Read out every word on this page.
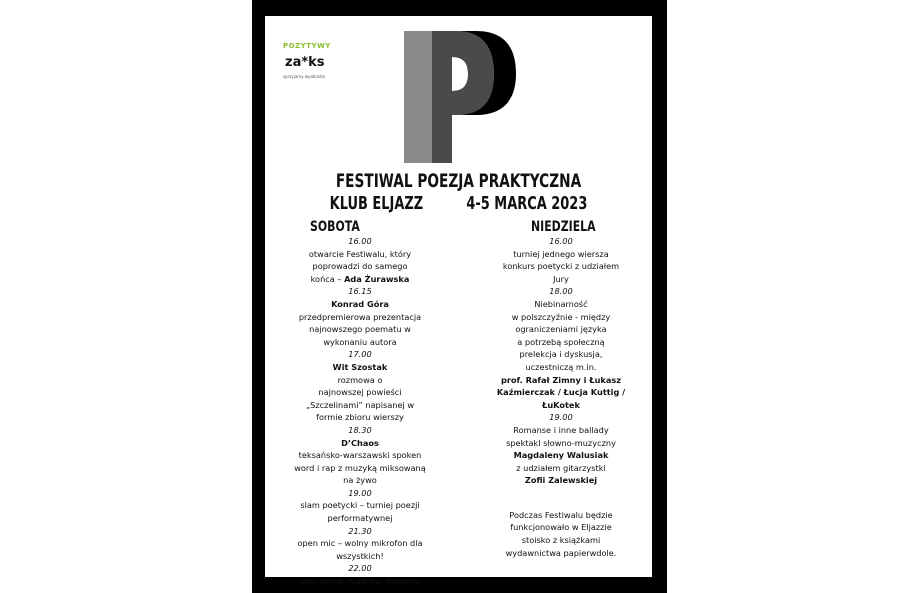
POZYTYWY
za*ks
sprzyjamy wyobraźni
FESTIWAL POEZJA PRAKTYCZNA
KLUB ELJAZZ 4-5 MARCA 2023
SOBOTA
16.00
otwarcie Festiwalu, który
poprowadzi do samego
końca – Ada Żurawska
16.15
Konrad Góra
przedpremierowa prezentacja
najnowszego poematu w
wykonaniu autora
17.00
Wit Szostak
rozmowa o
najnowszej powieści
„Szczelinami” napisanej w
formie zbioru wierszy
18.30
D’Chaos
teksańsko-warszawski spoken
word i rap z muzyką miksowaną
na żywo
19.00
slam poetycki – turniej poezji
performatywnej
21.30
open mic – wolny mikrofon dla
wszystkich!
22.00
jam, tańce, hulanka, swawola
NIEDZIELA
16.00
turniej jednego wiersza
konkurs poetycki z udziałem
Jury
18.00
Niebinarność
w polszczyźnie - między
ograniczeniami języka
a potrzebą społeczną
prelekcja i dyskusja,
uczestniczą m.in.
prof. Rafał Zimny i Łukasz
Kaźmierczak / Łucja Kuttig /
ŁuKotek
19.00
Romanse i inne ballady
spektakl słowno-muzyczny
Magdaleny Walusiak
z udziałem gitarzystki
Zofii Zalewskiej
Podczas Festiwalu będzie
funkcjonowało w Eljazzie
stoisko z książkami
wydawnictwa papierwdole.
